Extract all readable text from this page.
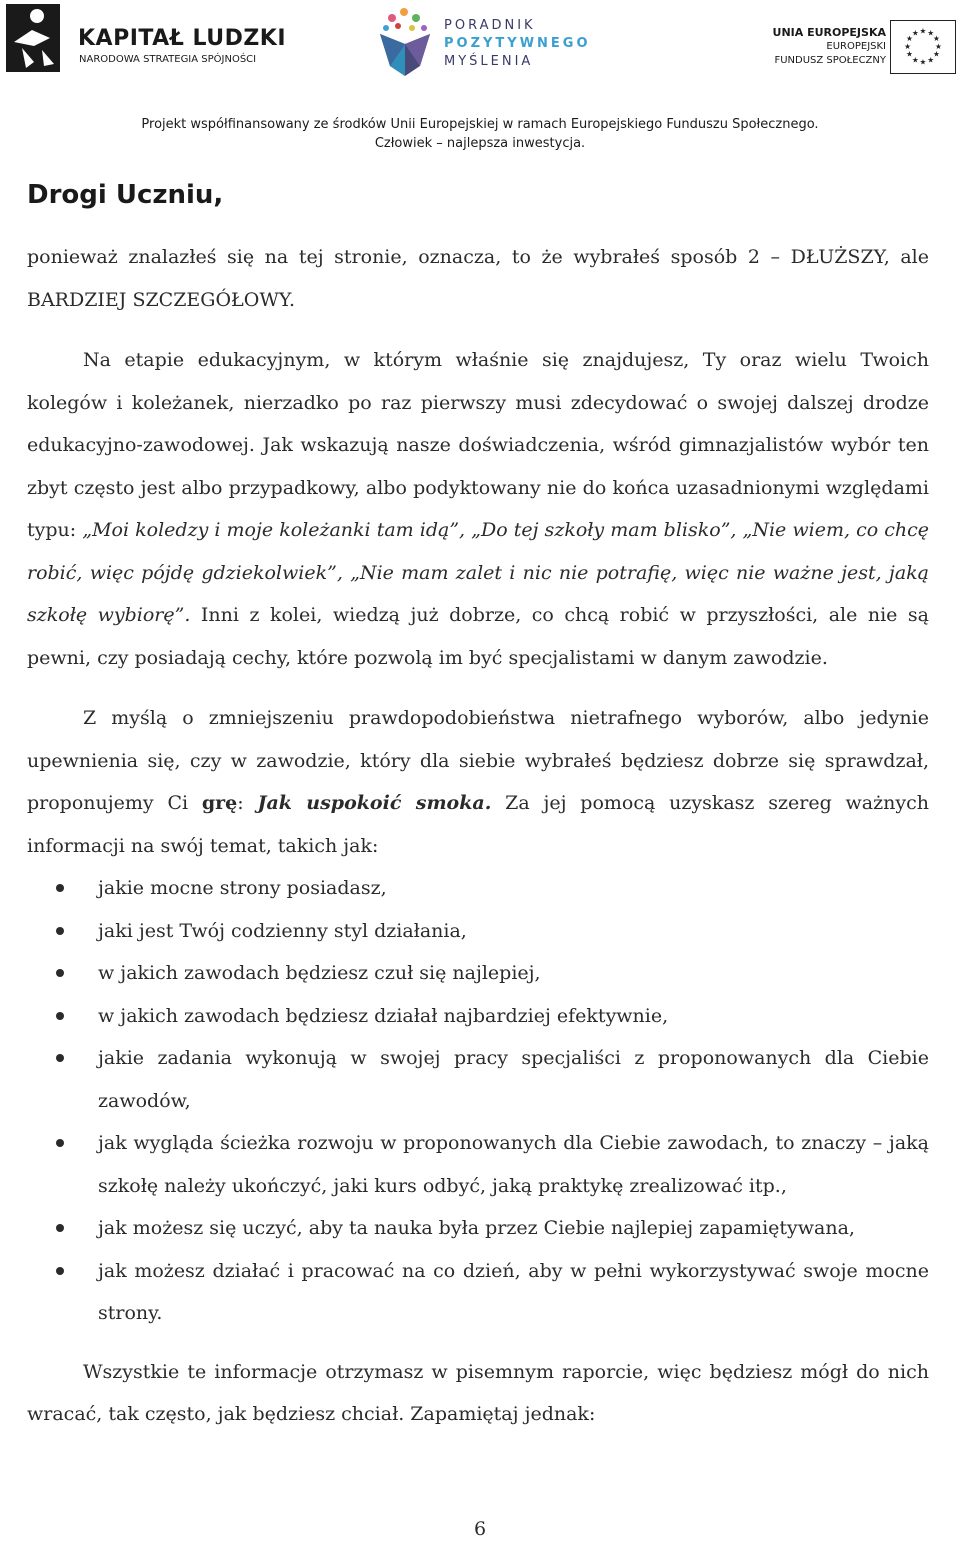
KAPITAŁ LUDZKI
NARODOWA STRATEGIA SPÓJNOŚCI
PORADNIK
POZYTYWNEGO
MYŚLENIA
UNIA EUROPEJSKA
EUROPEJSKI
FUNDUSZ SPOŁECZNY
★ ★
★
★
★
★
★
★
★
★
★
★
Projekt współfinansowany ze środków Unii Europejskiej w ramach Europejskiego Funduszu Społecznego.
Człowiek – najlepsza inwestycja.
Drogi Uczniu,

ponieważ znalazłeś się na tej stronie, oznacza, to że wybrałeś sposób 2 – DŁUŻSZY, ale BARDZIEJ SZCZEGÓŁOWY.

Na etapie edukacyjnym, w którym właśnie się znajdujesz, Ty oraz wielu Twoich kolegów i koleżanek, nierzadko po raz pierwszy musi zdecydować o swojej dalszej drodze edukacyjno-zawodowej. Jak wskazują nasze doświadczenia, wśród gimnazjalistów wybór ten zbyt często jest albo przypadkowy, albo podyktowany nie do końca uzasadnionymi względami typu: „Moi koledzy i moje koleżanki tam idą”, „Do tej szkoły mam blisko”, „Nie wiem, co chcę robić, więc pójdę gdziekolwiek”, „Nie mam zalet i nic nie potrafię, więc nie ważne jest, jaką szkołę wybiorę”. Inni z kolei, wiedzą już dobrze, co chcą robić w przyszłości, ale nie są pewni, czy posiadają cechy, które pozwolą im być specjalistami w danym zawodzie.

Z myślą o zmniejszeniu prawdopodobieństwa nietrafnego wyborów, albo jedynie upewnienia się, czy w zawodzie, który dla siebie wybrałeś będziesz dobrze się sprawdzał, proponujemy Ci grę: Jak uspokoić smoka. Za jej pomocą uzyskasz szereg ważnych informacji na swój temat, takich jak:

jakie mocne strony posiadasz,
jaki jest Twój codzienny styl działania,
w jakich zawodach będziesz czuł się najlepiej,
w jakich zawodach będziesz działał najbardziej efektywnie,
jakie zadania wykonują w swojej pracy specjaliści z proponowanych dla Ciebie zawodów,
jak wygląda ścieżka rozwoju w proponowanych dla Ciebie zawodach, to znaczy – jaką szkołę należy ukończyć, jaki kurs odbyć, jaką praktykę zrealizować itp.,
jak możesz się uczyć, aby ta nauka była przez Ciebie najlepiej zapamiętywana,
jak możesz działać i pracować na co dzień, aby w pełni wykorzystywać swoje mocne strony.

Wszystkie te informacje otrzymasz w pisemnym raporcie, więc będziesz mógł do nich wracać, tak często, jak będziesz chciał. Zapamiętaj jednak:

6
